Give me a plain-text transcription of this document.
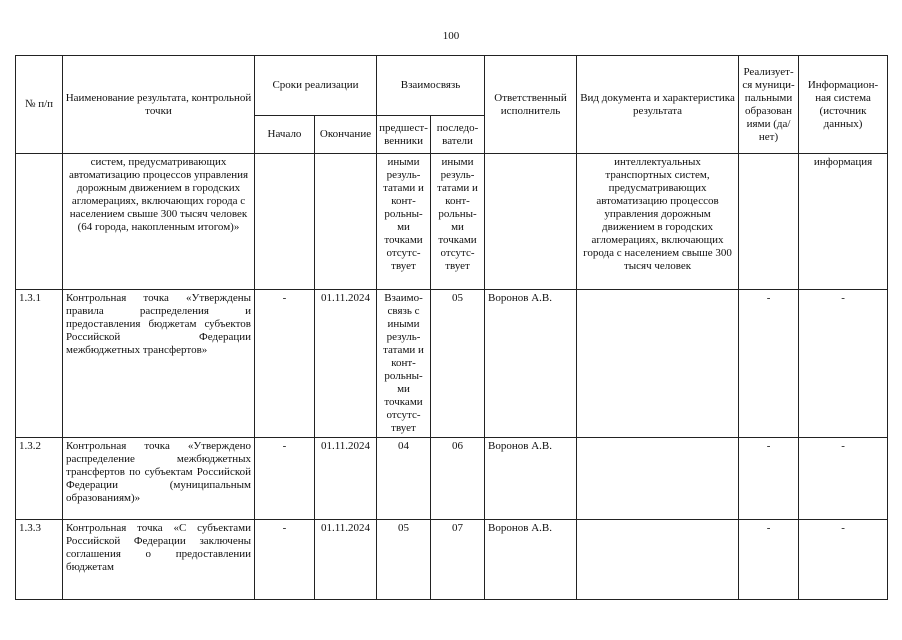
100
№ п/п	Наименование результата, контрольной точки	Сроки реализации		Взаимосвязь		Ответственный исполнитель	Вид документа и характеристика результата	Реализует-ся муници-пальными образован иями (да/нет)	Информацион-ная система (источник данных)
		Начало	Окончание	предшест-венники	последо-ватели				
	систем, предусматривающих автоматизацию процессов управления дорожным движением в городских агломерациях, включающих города с населением свыше 300 тысяч человек (64 города, накопленным итогом)»			иными резуль-татами и конт-рольны-ми точками отсутс-твует	иными резуль-татами и конт-рольны-ми точками отсутс-твует		интеллектуальных транспортных систем, предусматривающих автоматизацию процессов управления дорожным движением в городских агломерациях, включающих города с населением свыше 300 тысяч человек		информация
1.3.1	Контрольная точка «Утверждены правила распределения и предоставления бюджетам субъектов Российской Федерации межбюджетных трансфертов»	-	01.11.2024	Взаимо-связь с иными резуль-татами и конт-рольны-ми точками отсутс-твует	05	Воронов А.В.		-	-
1.3.2	Контрольная точка «Утверждено распределение межбюджетных трансфертов по субъектам Российской Федерации (муниципальным образованиям)»	-	01.11.2024	04	06	Воронов А.В.		-	-
1.3.3	Контрольная точка «С субъектами Российской Федерации заключены соглашения о предоставлении бюджетам	-	01.11.2024	05	07	Воронов А.В.		-	-
